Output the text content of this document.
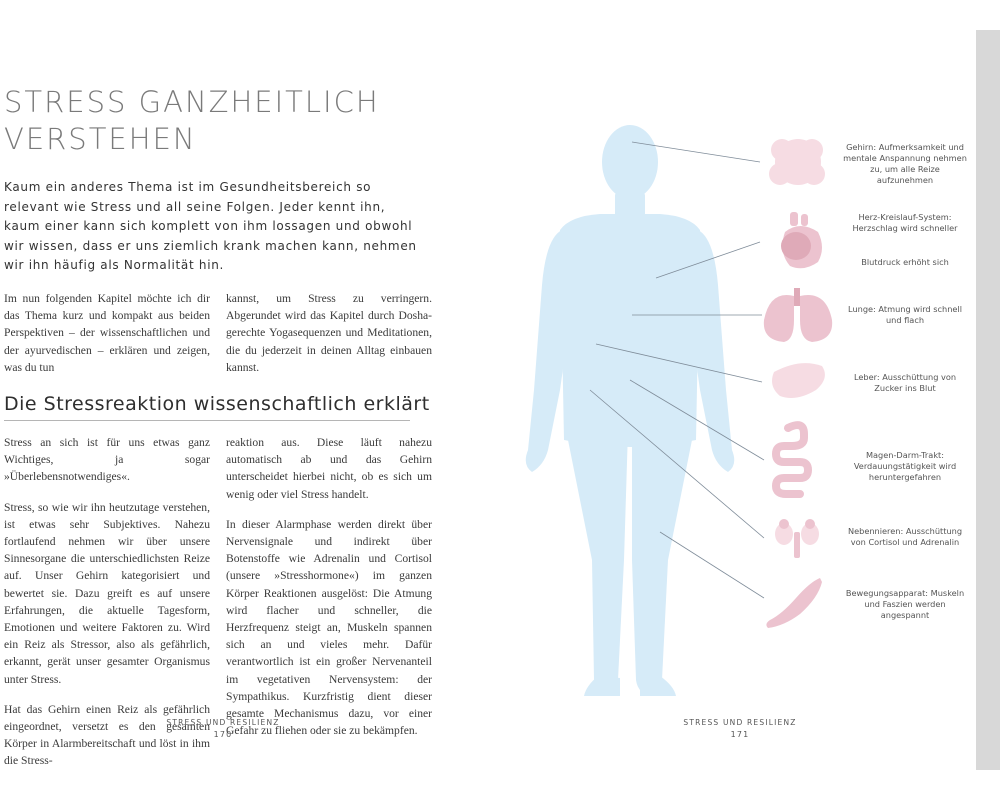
STRESS GANZHEITLICH VERSTEHEN

Kaum ein anderes Thema ist im Gesundheitsbereich so relevant wie Stress und all seine Folgen. Jeder kennt ihn, kaum einer kann sich komplett von ihm lossagen und obwohl wir wissen, dass er uns ziemlich krank machen kann, nehmen wir ihn häufig als Normalität hin.

Im nun folgenden Kapitel möchte ich dir das Thema kurz und kompakt aus beiden Perspektiven – der wissenschaftlichen und der ayurvedischen – erklären und zeigen, was du tun

kannst, um Stress zu verringern. Abgerundet wird das Kapitel durch Dosha-gerechte Yogasequenzen und Meditationen, die du jederzeit in deinen Alltag einbauen kannst.

Die Stressreaktion wissenschaftlich erklärt

Stress an sich ist für uns etwas ganz Wichtiges, ja sogar »Überlebensnotwendiges«.

Stress, so wie wir ihn heutzutage verstehen, ist etwas sehr Subjektives. Nahezu fortlaufend nehmen wir über unsere Sinnesorgane die unterschiedlichsten Reize auf. Unser Gehirn kategorisiert und bewertet sie. Dazu greift es auf unsere Erfahrungen, die aktuelle Tagesform, Emotionen und weitere Faktoren zu. Wird ein Reiz als Stressor, also als gefährlich, erkannt, gerät unser gesamter Organismus unter Stress.

Hat das Gehirn einen Reiz als gefährlich eingeordnet, versetzt es den gesamten Körper in Alarmbereitschaft und löst in ihm die Stress-

reaktion aus. Diese läuft nahezu automatisch ab und das Gehirn unterscheidet hierbei nicht, ob es sich um wenig oder viel Stress handelt.

In dieser Alarmphase werden direkt über Nervensignale und indirekt über Botenstoffe wie Adrenalin und Cortisol (unsere »Stresshormone«) im ganzen Körper Reaktionen ausgelöst: Die Atmung wird flacher und schneller, die Herzfrequenz steigt an, Muskeln spannen sich an und vieles mehr. Dafür verantwortlich ist ein großer Nervenanteil im vegetativen Nervensystem: der Sympathikus. Kurzfristig dient dieser gesamte Mechanismus dazu, vor einer Gefahr zu fliehen oder sie zu bekämpfen.

STRESS UND RESILIENZ
170
Gehirn: Aufmerksamkeit und mentale Anspannung nehmen zu, um alle Reize aufzunehmen
Herz-Kreislauf-System: Herzschlag wird schneller
Blutdruck erhöht sich
Lunge: Atmung wird schnell und flach
Leber: Ausschüttung von Zucker ins Blut
Magen-Darm-Trakt: Verdauungstätigkeit wird heruntergefahren
Nebennieren: Ausschüttung von Cortisol und Adrenalin
Bewegungsapparat: Muskeln und Faszien werden angespannt
STRESS UND RESILIENZ
171
